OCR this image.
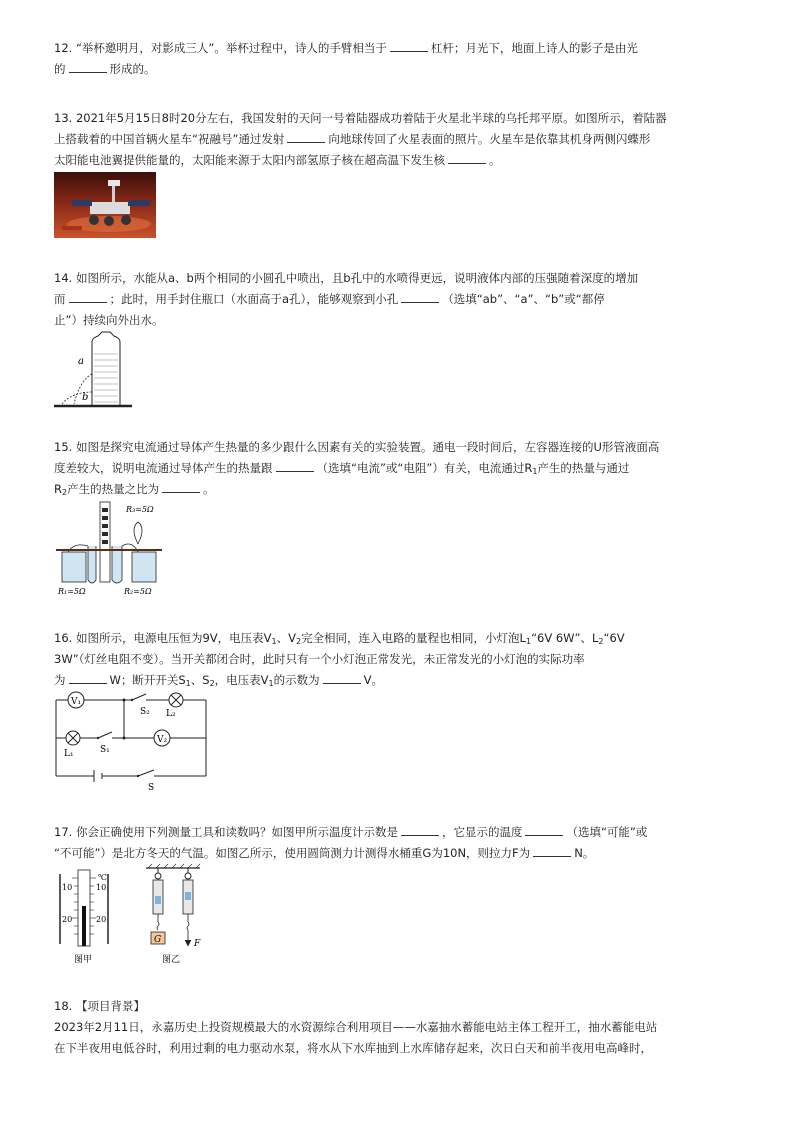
12. “举杯邀明月，对影成三人”。举杯过程中，诗人的手臂相当于	杠杆；月光下，地面上诗人的影子是由光
的	形成的。
13. 2021年5月15日8时20分左右，我国发射的天问一号着陆器成功着陆于火星北半球的乌托邦平原。如图所示，着陆器
上搭载着的中国首辆火星车“祝融号”通过发射	向地球传回了火星表面的照片。火星车是依靠其机身两侧闪蝶形
太阳能电池翼提供能量的，太阳能来源于太阳内部氢原子核在超高温下发生核	。
14. 如图所示，水能从a、b两个相同的小圆孔中喷出，且b孔中的水喷得更远，说明液体内部的压强随着深度的增加
而	；此时，用手封住瓶口（水面高于a孔），能够观察到小孔	（选填“ab”、“a”、“b”或“都停
止”）持续向外出水。
a
b
15. 如图是探究电流通过导体产生热量的多少跟什么因素有关的实验装置。通电一段时间后，左容器连接的U形管液面高
度差较大，说明电流通过导体产生的热量跟	（选填“电流”或“电阻”）有关，电流通过$R_1$产生的热量与通过
$R_2$产生的热量之比为	。
R₃=5Ω
R₁=5Ω	R₂=5Ω
16. 如图所示，电源电压恒为9V，电压表$V_1$、$V_2$完全相同，连入电路的量程也相同，小灯泡$L_1“6V$ 6W”、$L_2“6V$
3W”（灯丝电阻不变）。当开关都闭合时，此时只有一个小灯泡正常发光，未正常发光的小灯泡的实际功率
为	W；断开开关$S_1$、$S_2$，电压表$V_1$的示数为	V。
V₁
V₂
S₂ L₂
L₁	S₁
S
17. 你会正确使用下列测量工具和读数吗？如图甲所示温度计示数是	，它显示的温度	（选填“可能”或
“不可能”）是北方冬天的气温。如图乙所示，使用圆筒测力计测得水桶重G为10N，则拉力F为	N。
℃
10	10
20	20
图甲
G	F
图乙
18. 【项目背景】
2023年2月11日，永嘉历史上投资规模最大的水资源综合利用项目——水嘉抽水蓄能电站主体工程开工，抽水蓄能电站
在下半夜用电低谷时，利用过剩的电力驱动水泵，将水从下水库抽到上水库储存起来，次日白天和前半夜用电高峰时，
